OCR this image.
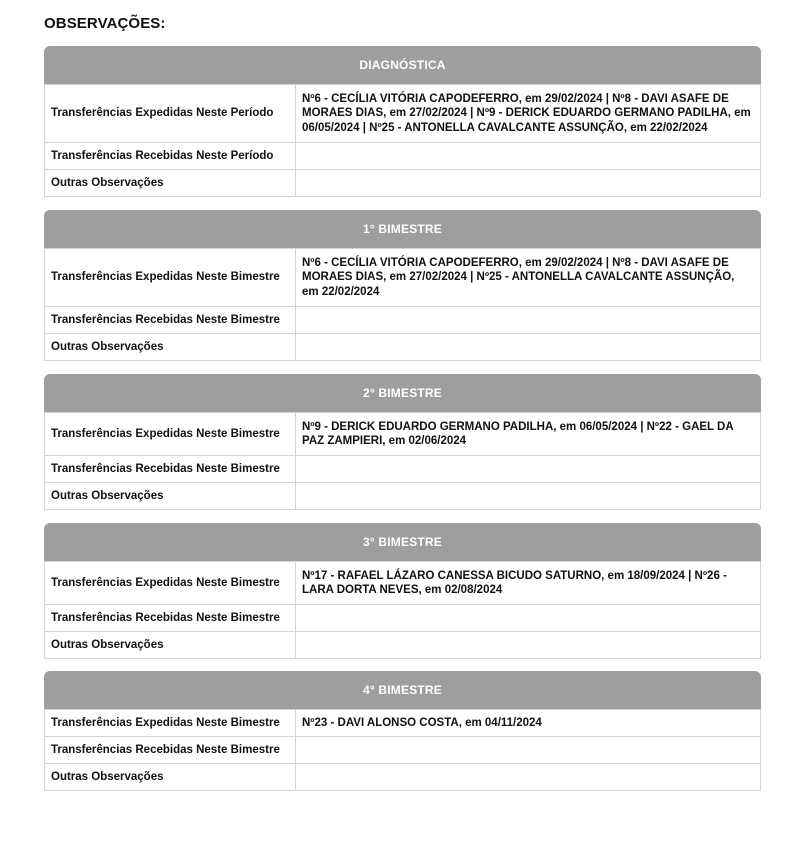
OBSERVAÇÕES:
DIAGNÓSTICA
Transferências Expedidas Neste Período	Nº6 - CECÍLIA VITÓRIA CAPODEFERRO, em 29/02/2024 | Nº8 - DAVI ASAFE DE MORAES DIAS, em 27/02/2024 | Nº9 - DERICK EDUARDO GERMANO PADILHA, em 06/05/2024 | Nº25 - ANTONELLA CAVALCANTE ASSUNÇÃO, em 22/02/2024
Transferências Recebidas Neste Período	
Outras Observações	
1° BIMESTRE
Transferências Expedidas Neste Bimestre	Nº6 - CECÍLIA VITÓRIA CAPODEFERRO, em 29/02/2024 | Nº8 - DAVI ASAFE DE MORAES DIAS, em 27/02/2024 | Nº25 - ANTONELLA CAVALCANTE ASSUNÇÃO, em 22/02/2024
Transferências Recebidas Neste Bimestre	
Outras Observações	
2° BIMESTRE
Transferências Expedidas Neste Bimestre	Nº9 - DERICK EDUARDO GERMANO PADILHA, em 06/05/2024 | Nº22 - GAEL DA PAZ ZAMPIERI, em 02/06/2024
Transferências Recebidas Neste Bimestre	
Outras Observações	
3° BIMESTRE
Transferências Expedidas Neste Bimestre	Nº17 - RAFAEL LÁZARO CANESSA BICUDO SATURNO, em 18/09/2024 | Nº26 - LARA DORTA NEVES, em 02/08/2024
Transferências Recebidas Neste Bimestre	
Outras Observações	
4° BIMESTRE
Transferências Expedidas Neste Bimestre	Nº23 - DAVI ALONSO COSTA, em 04/11/2024
Transferências Recebidas Neste Bimestre	
Outras Observações	
